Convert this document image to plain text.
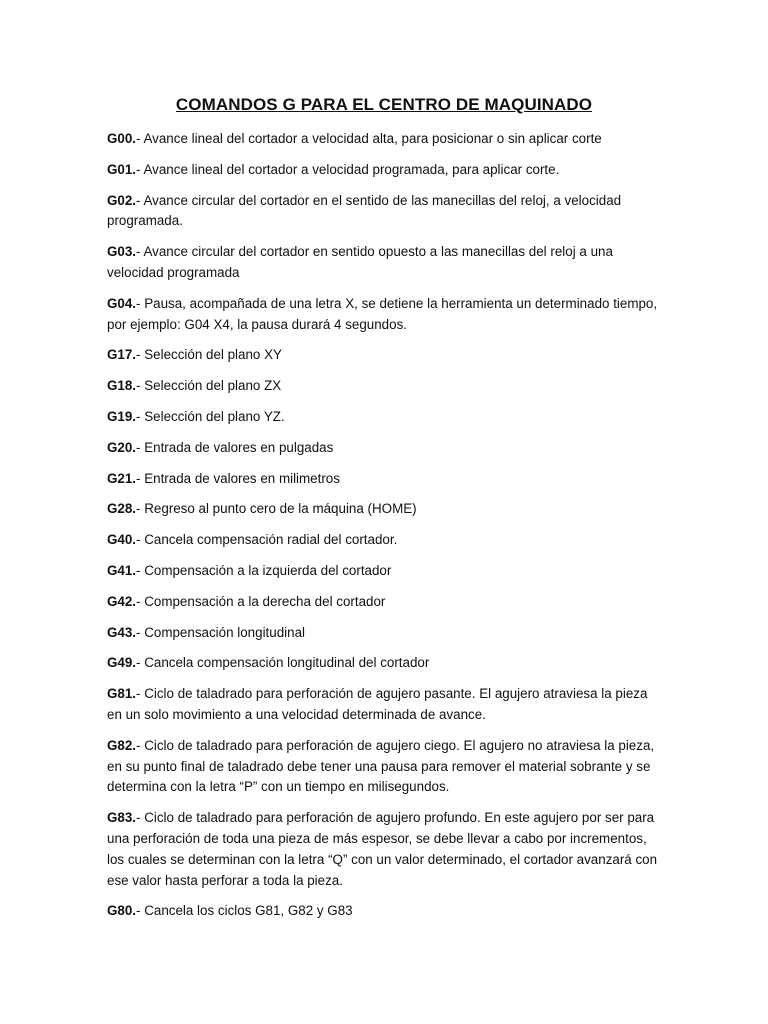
COMANDOS G PARA EL CENTRO DE MAQUINADO
G00.- Avance lineal del cortador a velocidad alta, para posicionar o sin aplicar corte
G01.- Avance lineal del cortador a velocidad programada, para aplicar corte.
G02.- Avance circular del cortador en el sentido de las manecillas del reloj, a velocidad programada.
G03.- Avance circular del cortador en sentido opuesto a las manecillas del reloj a una velocidad programada
G04.- Pausa, acompañada de una letra X, se detiene la herramienta un determinado tiempo, por ejemplo: G04 X4, la pausa durará 4 segundos.
G17.- Selección del plano XY
G18.- Selección del plano ZX
G19.- Selección del plano YZ.
G20.- Entrada de valores en pulgadas
G21.- Entrada de valores en milimetros
G28.- Regreso al punto cero de la máquina (HOME)
G40.- Cancela compensación radial del cortador.
G41.- Compensación a la izquierda del cortador
G42.- Compensación a la derecha del cortador
G43.- Compensación longitudinal
G49.- Cancela compensación longitudinal del cortador
G81.- Ciclo de taladrado para perforación de agujero pasante. El agujero atraviesa la pieza en un solo movimiento a una velocidad determinada de avance.
G82.- Ciclo de taladrado para perforación de agujero ciego. El agujero no atraviesa la pieza, en su punto final de taladrado debe tener una pausa para remover el material sobrante y se determina con la letra “P” con un tiempo en milisegundos.
G83.- Ciclo de taladrado para perforación de agujero profundo. En este agujero por ser para una perforación de toda una pieza de más espesor, se debe llevar a cabo por incrementos, los cuales se determinan con la letra “Q” con un valor determinado, el cortador avanzará con ese valor hasta perforar a toda la pieza.
G80.- Cancela los ciclos G81, G82 y G83
